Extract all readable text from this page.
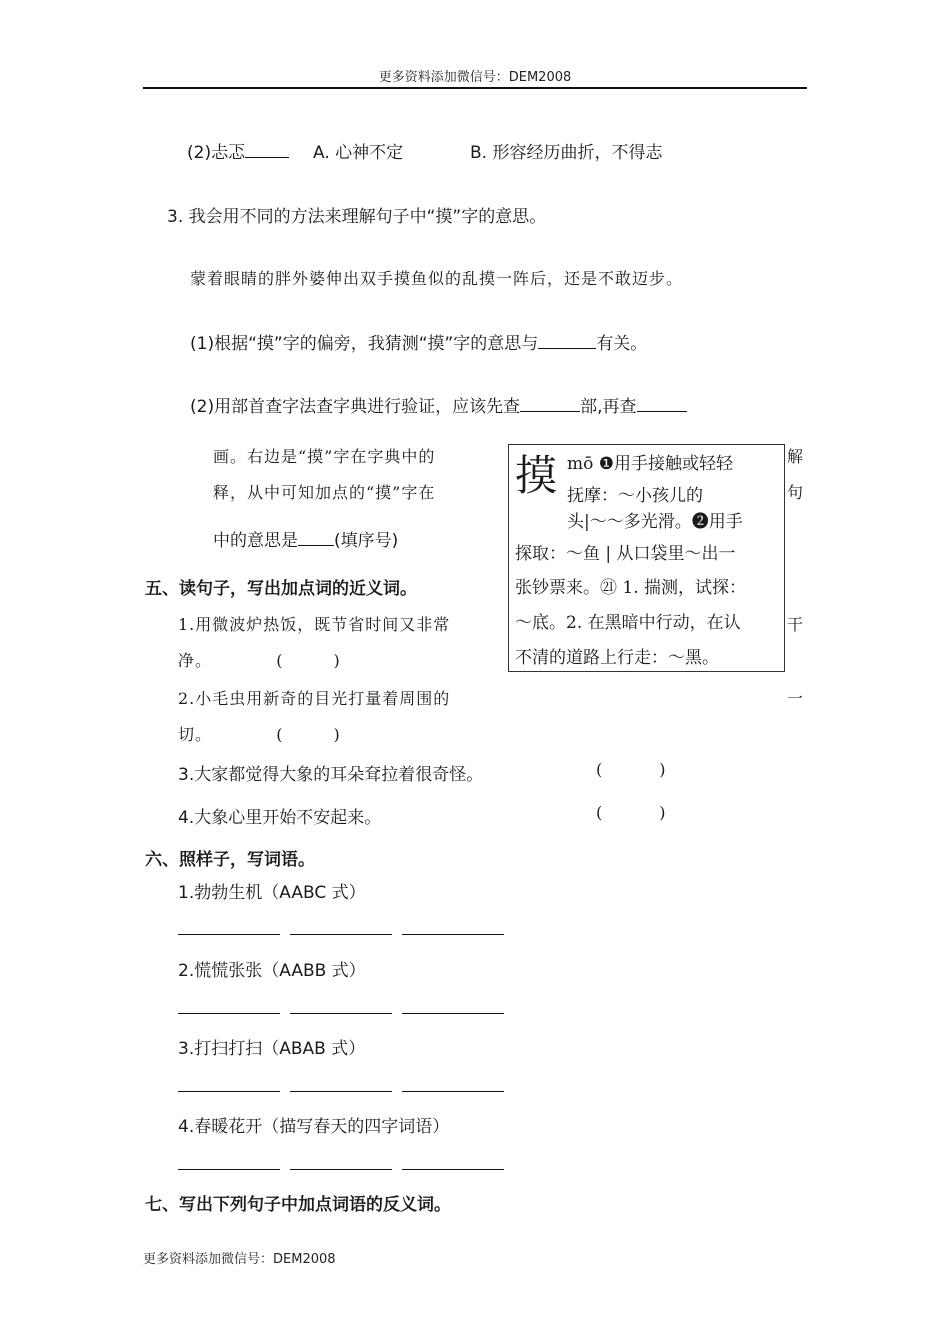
更多资料添加微信号：DEM2008
(2)忐忑	A. 心神不定	B. 形容经历曲折，不得志
3. 我会用不同的方法来理解句子中“摸”字的意思。
蒙着眼睛的胖外婆伸出双手摸鱼似的乱摸一阵后，还是不敢迈步。
(1)根据“摸”字的偏旁，我猜测“摸”字的意思与	有关。
(2)用部首查字法查字典进行验证，应该先查	部,再查
画。右边是“摸”字在字典中的	解
释，从中可知加点的“摸”字在	句
中的意思是 (填序号)
摸 mō ❶用手接触或轻轻
抚摩：～小孩儿的
头|～～多光滑。❷用手
探取：～鱼 | 从口袋里～出一
张钞票来。㉑ 1. 揣测，试探：
～底。2. 在黑暗中行动，在认
不清的道路上行走：～黑。
五、读句子，写出加点词的近义词。
1.用微波炉热饭，既节省时间又非常	干
净。	(	)
2.小毛虫用新奇的目光打量着周围的	一
切。	(	)
3.大家都觉得大象的耳朵耷拉着很奇怪。	(	)
4.大象心里开始不安起来。	(	)
六、照样子，写词语。
1.勃勃生机（AABC 式）
2.慌慌张张（AABB 式）
3.打扫打扫（ABAB 式）
4.春暖花开（描写春天的四字词语）
七、写出下列句子中加点词语的反义词。
更多资料添加微信号：DEM2008
